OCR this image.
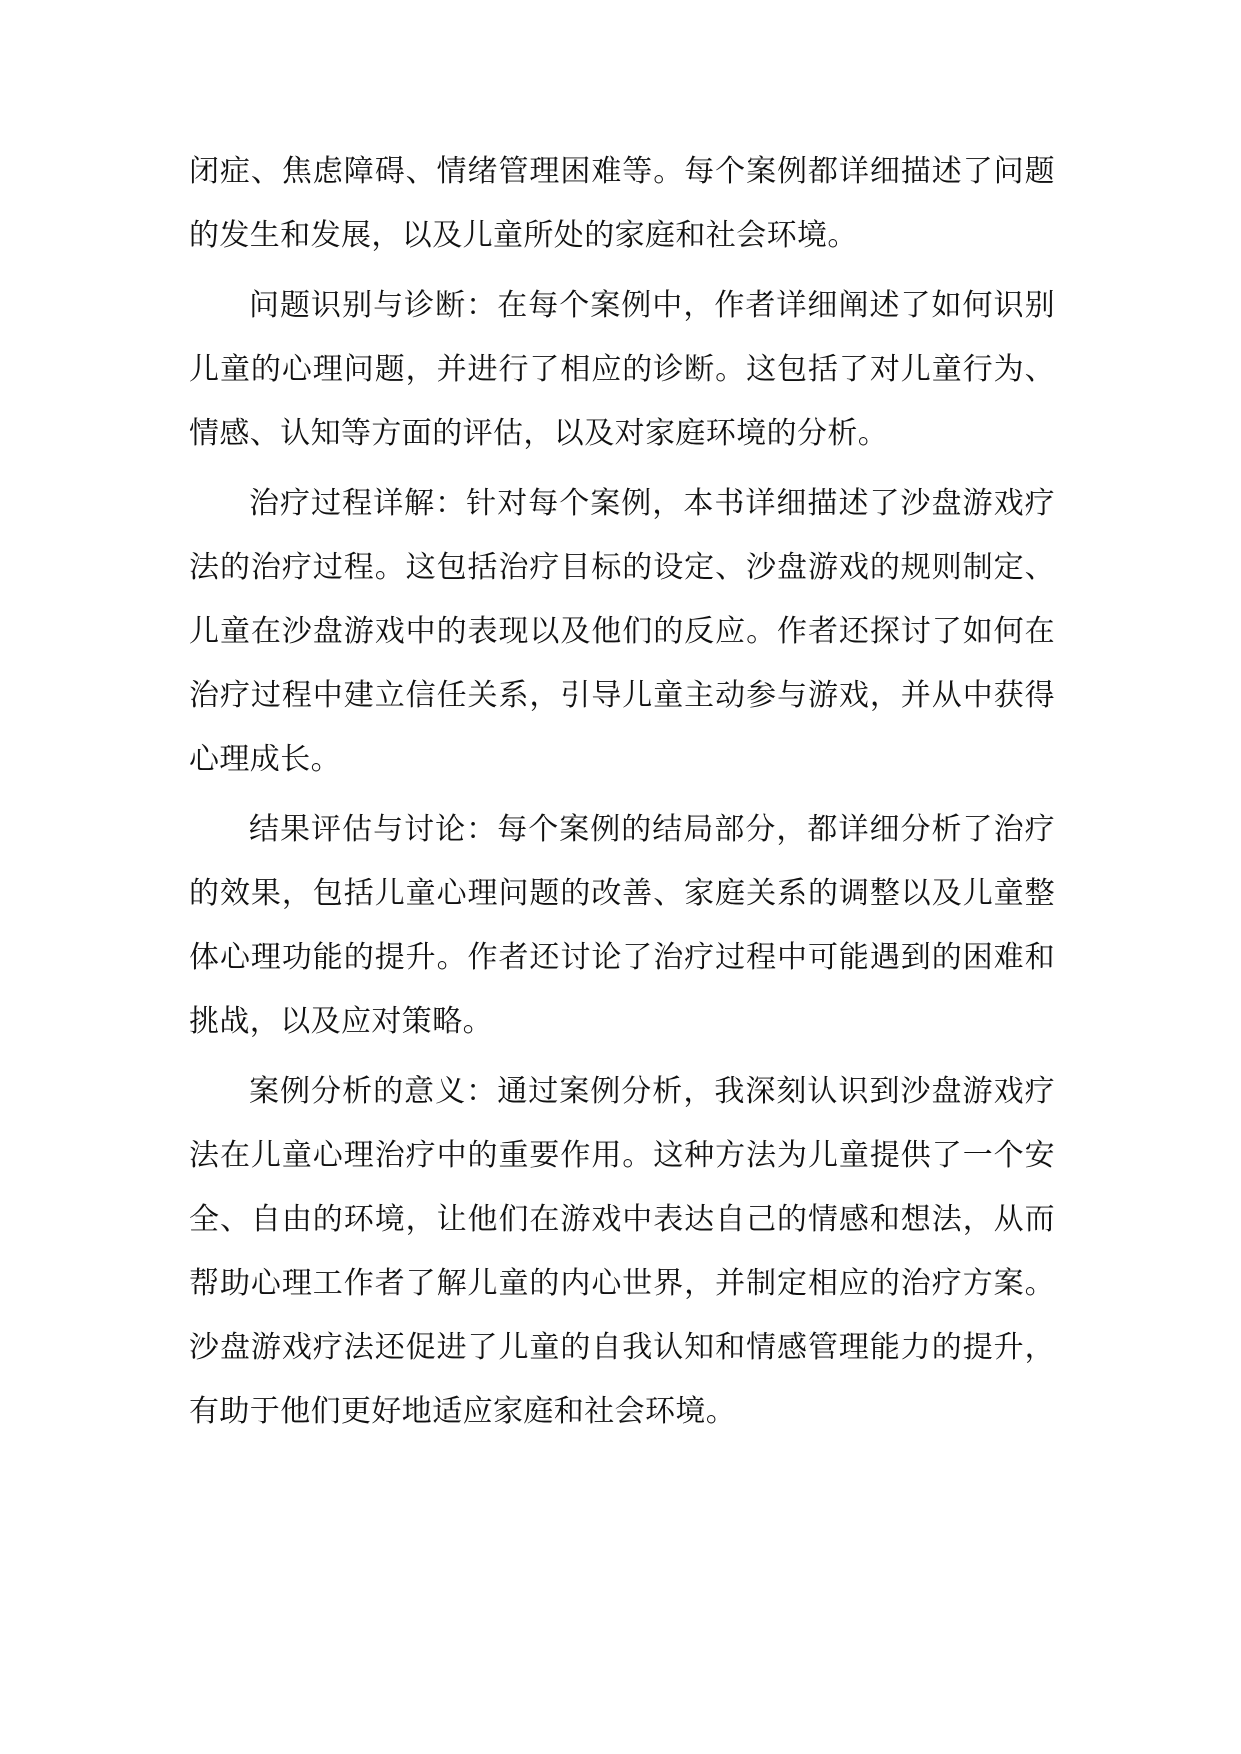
闭症、焦虑障碍、情绪管理困难等。每个案例都详细描述了问题的发生和发展，以及儿童所处的家庭和社会环境。

问题识别与诊断：在每个案例中，作者详细阐述了如何识别儿童的心理问题，并进行了相应的诊断。这包括了对儿童行为、情感、认知等方面的评估，以及对家庭环境的分析。

治疗过程详解：针对每个案例，本书详细描述了沙盘游戏疗法的治疗过程。这包括治疗目标的设定、沙盘游戏的规则制定、儿童在沙盘游戏中的表现以及他们的反应。作者还探讨了如何在治疗过程中建立信任关系，引导儿童主动参与游戏，并从中获得心理成长。

结果评估与讨论：每个案例的结局部分，都详细分析了治疗的效果，包括儿童心理问题的改善、家庭关系的调整以及儿童整体心理功能的提升。作者还讨论了治疗过程中可能遇到的困难和挑战，以及应对策略。

案例分析的意义：通过案例分析，我深刻认识到沙盘游戏疗法在儿童心理治疗中的重要作用。这种方法为儿童提供了一个安全、自由的环境，让他们在游戏中表达自己的情感和想法，从而帮助心理工作者了解儿童的内心世界，并制定相应的治疗方案。沙盘游戏疗法还促进了儿童的自我认知和情感管理能力的提升，有助于他们更好地适应家庭和社会环境。
